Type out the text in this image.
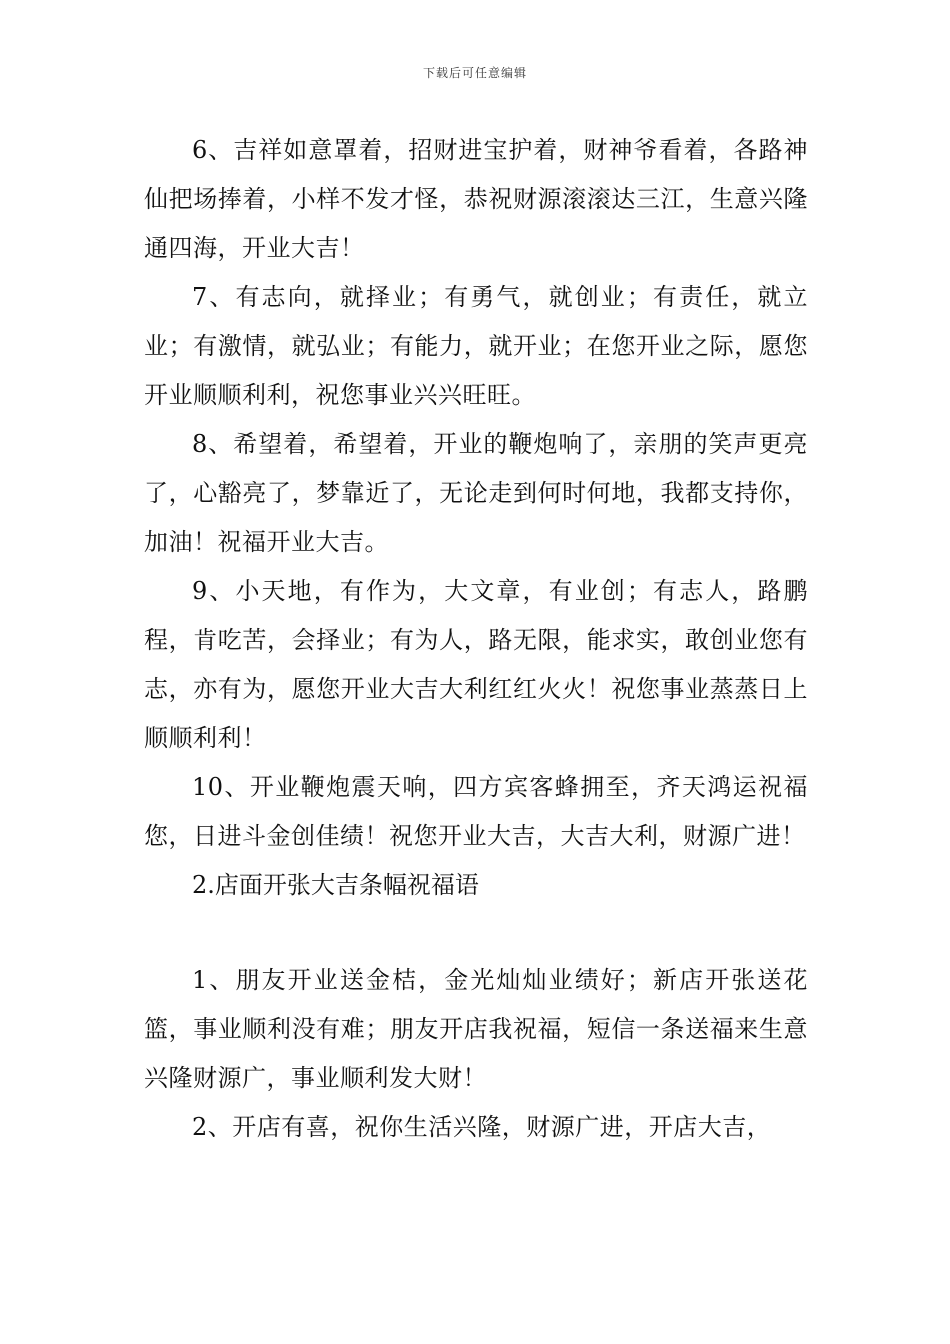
下载后可任意编辑

6、吉祥如意罩着，招财进宝护着，财神爷看着，各路神仙把场捧着，小样不发才怪，恭祝财源滚滚达三江，生意兴隆通四海，开业大吉！

7、有志向，就择业；有勇气，就创业；有责任，就立业；有激情，就弘业；有能力，就开业；在您开业之际，愿您开业顺顺利利，祝您事业兴兴旺旺。

8、希望着，希望着，开业的鞭炮响了，亲朋的笑声更亮了，心豁亮了，梦靠近了，无论走到何时何地，我都支持你，加油！祝福开业大吉。

9、小天地，有作为，大文章，有业创；有志人，路鹏程，肯吃苦，会择业；有为人，路无限，能求实，敢创业您有志，亦有为，愿您开业大吉大利红红火火！祝您事业蒸蒸日上顺顺利利！

10、开业鞭炮震天响，四方宾客蜂拥至，齐天鸿运祝福您，日进斗金创佳绩！祝您开业大吉，大吉大利，财源广进！

2.店面开张大吉条幅祝福语

1、朋友开业送金桔，金光灿灿业绩好；新店开张送花篮，事业顺利没有难；朋友开店我祝福，短信一条送福来生意兴隆财源广，事业顺利发大财！

2、开店有喜，祝你生活兴隆，财源广进，开店大吉，
